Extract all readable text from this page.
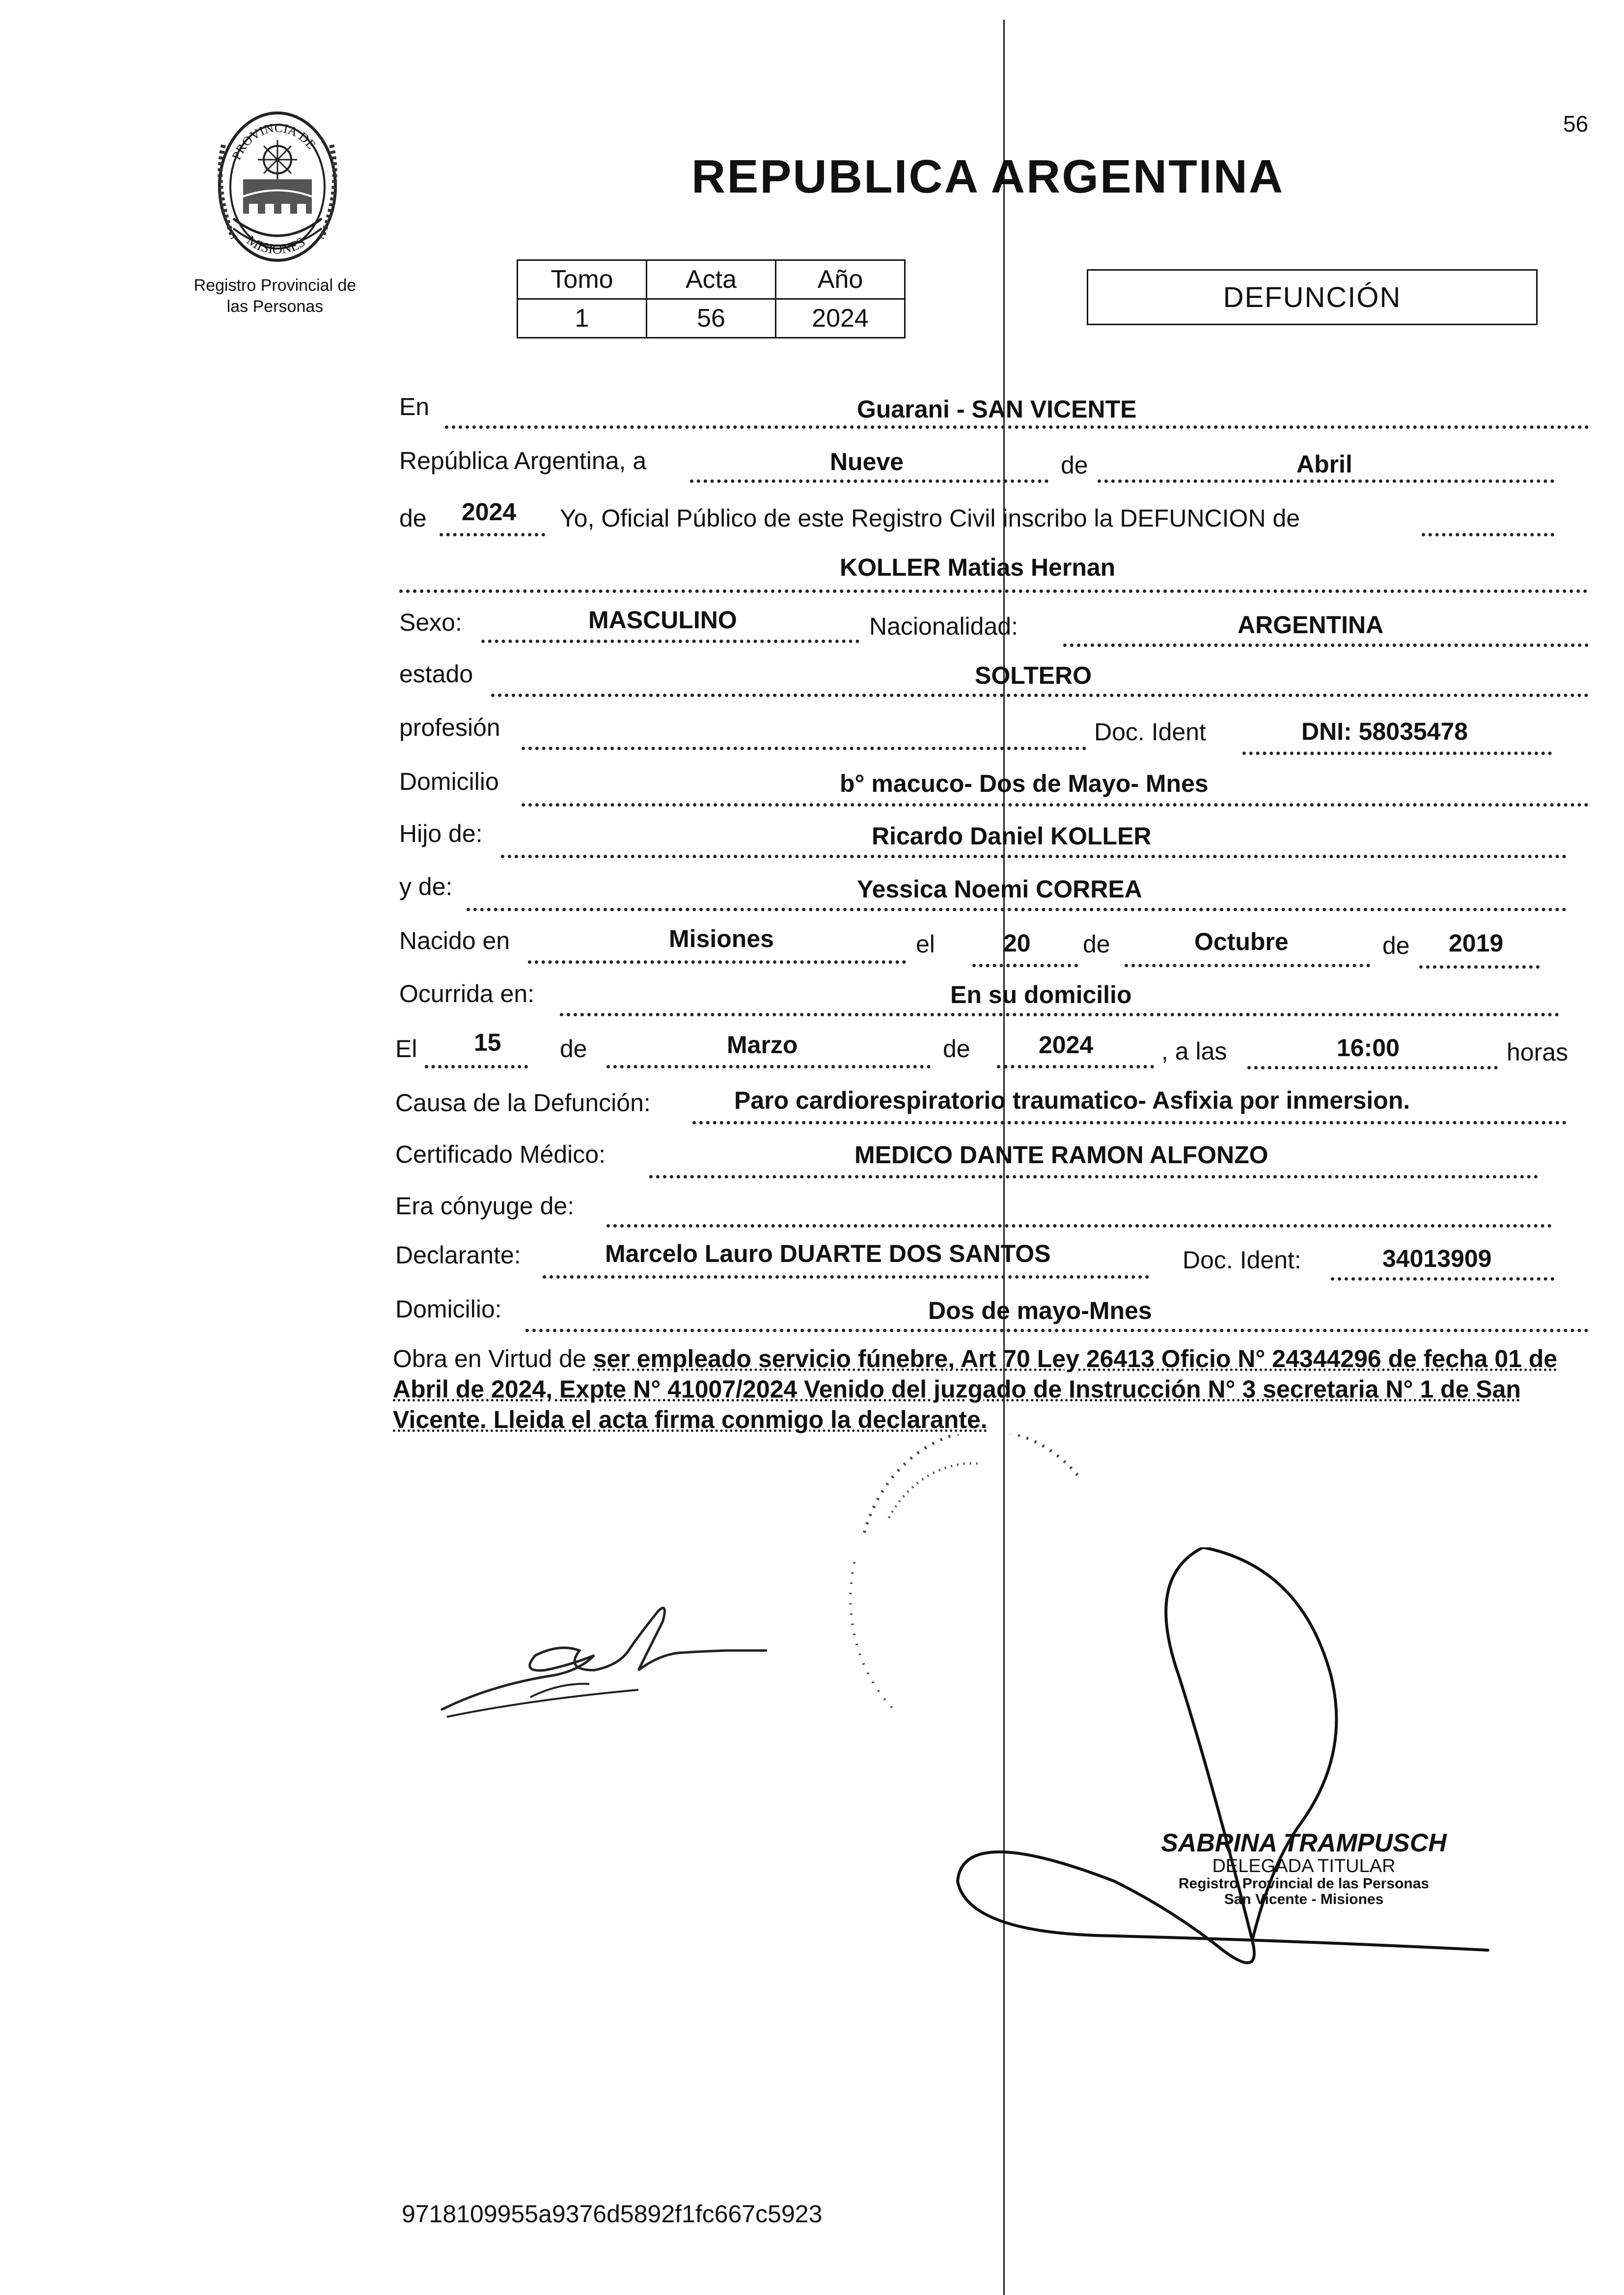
56
PROVINCIA DE
MISIONES
Registro Provincial de
las Personas
REPUBLICA ARGENTINA
Tomo	Acta	Año
1	56	2024
DEFUNCIÓN
En	Guarani - SAN VICENTE
República Argentina, a	Nueve	de	Abril
de 2024 Yo, Oficial Público de este Registro Civil inscribo la DEFUNCION de
KOLLER Matias Hernan
Sexo:	MASCULINO	Nacionalidad:	ARGENTINA
estado	SOLTERO
profesión	Doc. Ident	DNI: 58035478
Domicilio	b° macuco- Dos de Mayo- Mnes
Hijo de:	Ricardo Daniel KOLLER
y de:	Yessica Noemi CORREA
Nacido en	Misiones	el	20 de	Octubre	de 2019
Ocurrida en:	En su domicilio
El 15 de	Marzo	de	2024	, a las	16:00	horas
Causa de la Defunción:	Paro cardiorespiratorio traumatico- Asfixia por inmersion.
Certificado Médico:	MEDICO DANTE RAMON ALFONZO
Era cónyuge de:
Declarante:	Marcelo Lauro DUARTE DOS SANTOS	Doc. Ident:	34013909
Domicilio:	Dos de mayo-Mnes
Obra en Virtud de ser empleado servicio fúnebre, Art 70 Ley 26413 Oficio N° 24344296 de fecha 01 de Abril de 2024, Expte N° 41007/2024 Venido del juzgado de Instrucción N° 3 secretaria N° 1 de San Vicente. Lleida el acta firma conmigo la declarante.
SABRINA TRAMPUSCH
DELEGADA TITULAR
Registro Provincial de las Personas
San Vicente - Misiones
9718109955a9376d5892f1fc667c5923
